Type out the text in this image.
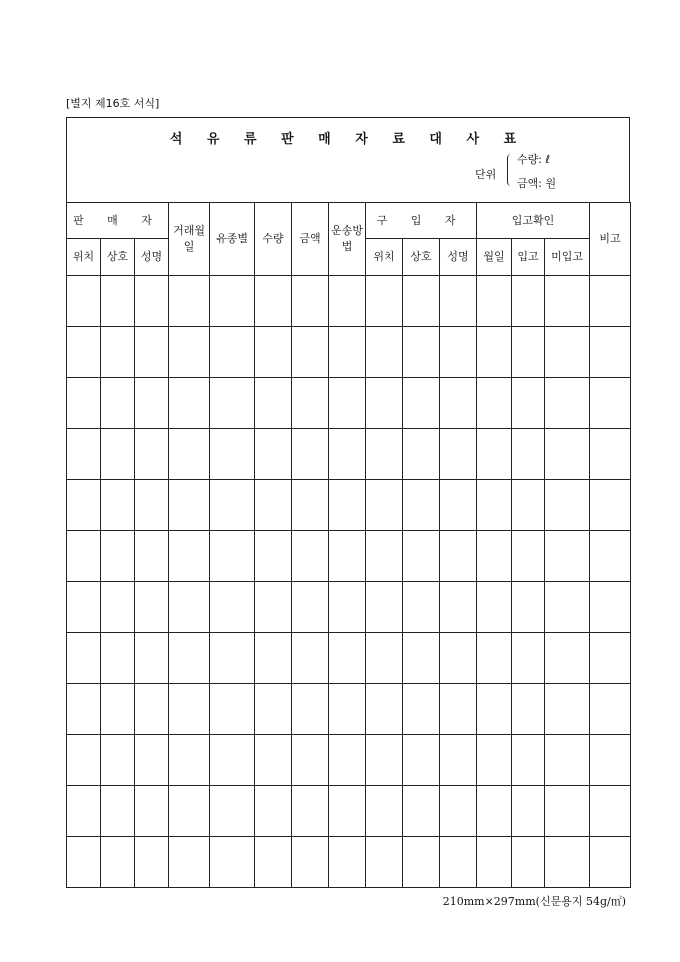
[별지 제16호 서식]
석 유 류 판 매 자 료 대 사 표
단위
수량: ℓ
금액: 원
판 매 자			거래월일	유종별	수량	금액	운송방법	구 입 자			입고확인			비고
위치	상호	성명						위치	상호	성명	월일	입고	미입고	

210mm×297mm(신문용지 54g/㎡)
